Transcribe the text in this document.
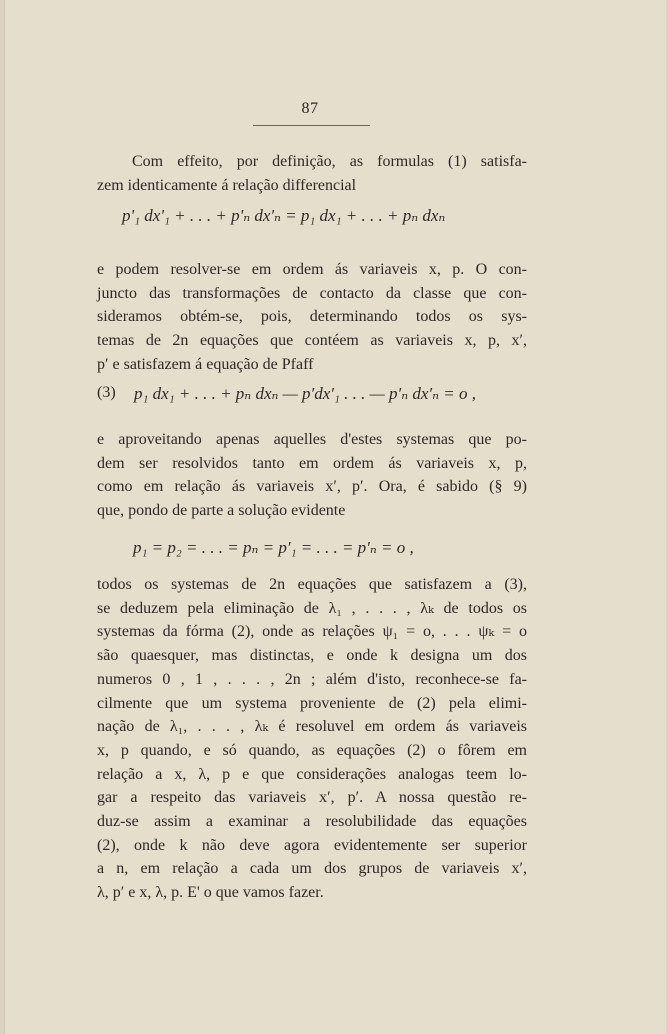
87
Com effeito, por definição, as formulas (1) satisfa-
zem identicamente á relação differencial
p'₁ dx'₁ + . . . + p'ₙ dx'ₙ = p₁ dx₁ + . . . + pₙ dxₙ
e podem resolver-se em ordem ás variaveis x, p. O con-
juncto das transformações de contacto da classe que con-
sideramos obtém-se, pois, determinando todos os sys-
temas de 2n equações que contéem as variaveis x, p, x′,
p′ e satisfazem á equação de Pfaff
(3) p₁ dx₁ + . . . + pₙ dxₙ — p′dx′₁ . . . — p′ₙ dx′ₙ = o ,
e aproveitando apenas aquelles d'estes systemas que po-
dem ser resolvidos tanto em ordem ás variaveis x, p,
como em relação ás variaveis x′, p′. Ora, é sabido (§ 9)
que, pondo de parte a solução evidente
p₁ = p₂ = . . . = pₙ = p′₁ = . . . = p′ₙ = o ,
todos os systemas de 2n equações que satisfazem a (3),
se deduzem pela eliminação de λ₁ , . . . , λₖ de todos os
systemas da fórma (2), onde as relações ψ₁ = o, . . . ψₖ = o
são quaesquer, mas distinctas, e onde k designa um dos
numeros 0 , 1 , . . . , 2n ; além d'isto, reconhece-se fa-
cilmente que um systema proveniente de (2) pela elimi-
nação de λ₁, . . . , λₖ é resoluvel em ordem ás variaveis
x, p quando, e só quando, as equações (2) o fôrem em
relação a x, λ, p e que considerações analogas teem lo-
gar a respeito das variaveis x′, p′. A nossa questão re-
duz-se assim a examinar a resolubilidade das equações
(2), onde k não deve agora evidentemente ser superior
a n, em relação a cada um dos grupos de variaveis x′,
λ, p′ e x, λ, p. E' o que vamos fazer.
